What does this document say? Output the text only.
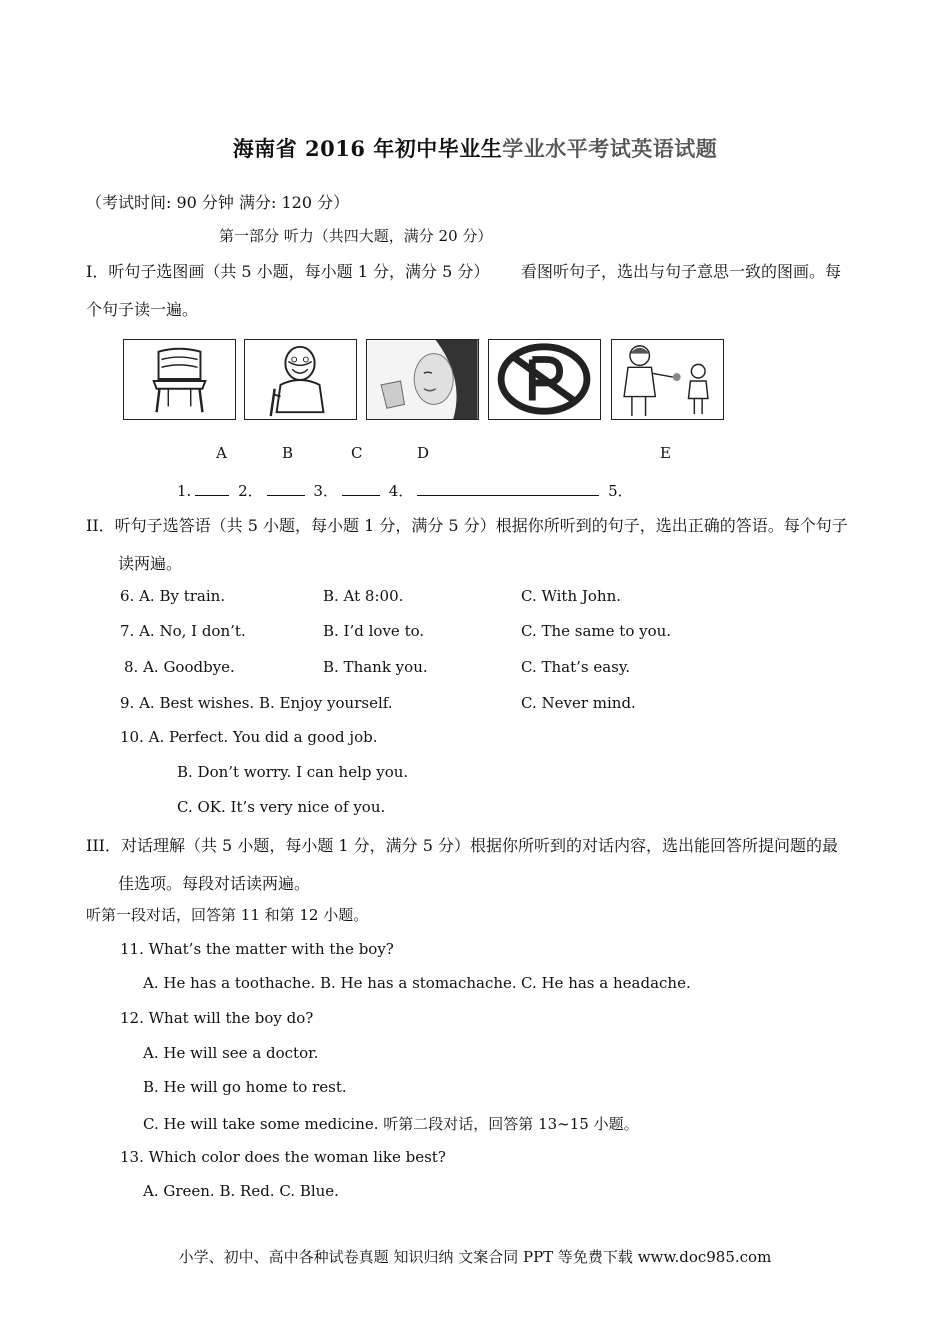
海南省 2016 年初中毕业生学业水平考试英语试题
（考试时间: 90 分钟 满分: 120 分）
第一部分 听力（共四大题，满分 20 分）
I．听句子选图画（共 5 小题，每小题 1 分，满分 5 分） 看图听句子，选出与句子意思一致的图画。每
个句子读一遍。
A	B	C	D	E
1.	2．	3．	4．	5．
II．听句子选答语（共 5 小题，每小题 1 分，满分 5 分）根据你所听到的句子，选出正确的答语。每个句子
读两遍。
6. A. By train.	B. At 8:00.	C. With John.
7. A. No, I don’t.	B. I’d love to.	C. The same to you.
8. A. Goodbye.	B. Thank you.	C. That’s easy.
9. A. Best wishes. B. Enjoy yourself.	C. Never mind.
10. A. Perfect. You did a good job.
B. Don’t worry. I can help you.
C. OK. It’s very nice of you.
III．对话理解（共 5 小题，每小题 1 分，满分 5 分）根据你所听到的对话内容，选出能回答所提问题的最
佳选项。每段对话读两遍。
听第一段对话，回答第 11 和第 12 小题。
11. What’s the matter with the boy?
A. He has a toothache. B. He has a stomachache. C. He has a headache.
12. What will the boy do?
A. He will see a doctor.
B. He will go home to rest.
C. He will take some medicine. 听第二段对话，回答第 13~15 小题。
13. Which color does the woman like best?
A. Green. B. Red. C. Blue.
小学、初中、高中各种试卷真题 知识归纳 文案合同 PPT 等免费下载 www.doc985.com
